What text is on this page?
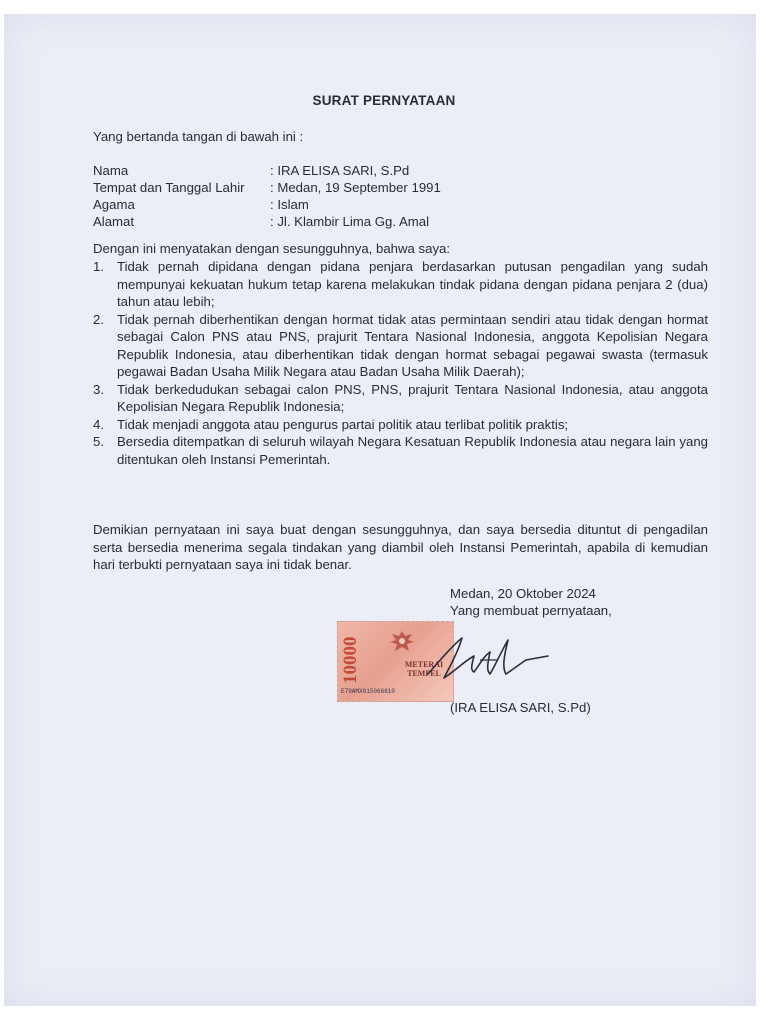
SURAT PERNYATAAN
Yang bertanda tangan di bawah ini :
Nama	: IRA ELISA SARI, S.Pd
Tempat dan Tanggal Lahir	: Medan, 19 September 1991
Agama	: Islam
Alamat	: Jl. Klambir Lima Gg. Amal
Dengan ini menyatakan dengan sesungguhnya, bahwa saya:
1. Tidak pernah dipidana dengan pidana penjara berdasarkan putusan pengadilan yang sudah mempunyai kekuatan hukum tetap karena melakukan tindak pidana dengan pidana penjara 2 (dua) tahun atau lebih;
2. Tidak pernah diberhentikan dengan hormat tidak atas permintaan sendiri atau tidak dengan hormat sebagai Calon PNS atau PNS, prajurit Tentara Nasional Indonesia, anggota Kepolisian Negara Republik Indonesia, atau diberhentikan tidak dengan hormat sebagai pegawai swasta (termasuk pegawai Badan Usaha Milik Negara atau Badan Usaha Milik Daerah);
3. Tidak berkedudukan sebagai calon PNS, PNS, prajurit Tentara Nasional Indonesia, atau anggota Kepolisian Negara Republik Indonesia;
4. Tidak menjadi anggota atau pengurus partai politik atau terlibat politik praktis;
5. Bersedia ditempatkan di seluruh wilayah Negara Kesatuan Republik Indonesia atau negara lain yang ditentukan oleh Instansi Pemerintah.
Demikian pernyataan ini saya buat dengan sesungguhnya, dan saya bersedia dituntut di pengadilan serta bersedia menerima segala tindakan yang diambil oleh Instansi Pemerintah, apabila di kemudian hari terbukti pernyataan saya ini tidak benar.
Medan, 20 Oktober 2024
Yang membuat pernyataan,
10000	METERAI TEMPEL
E79AMX015066610
(IRA ELISA SARI, S.Pd)
